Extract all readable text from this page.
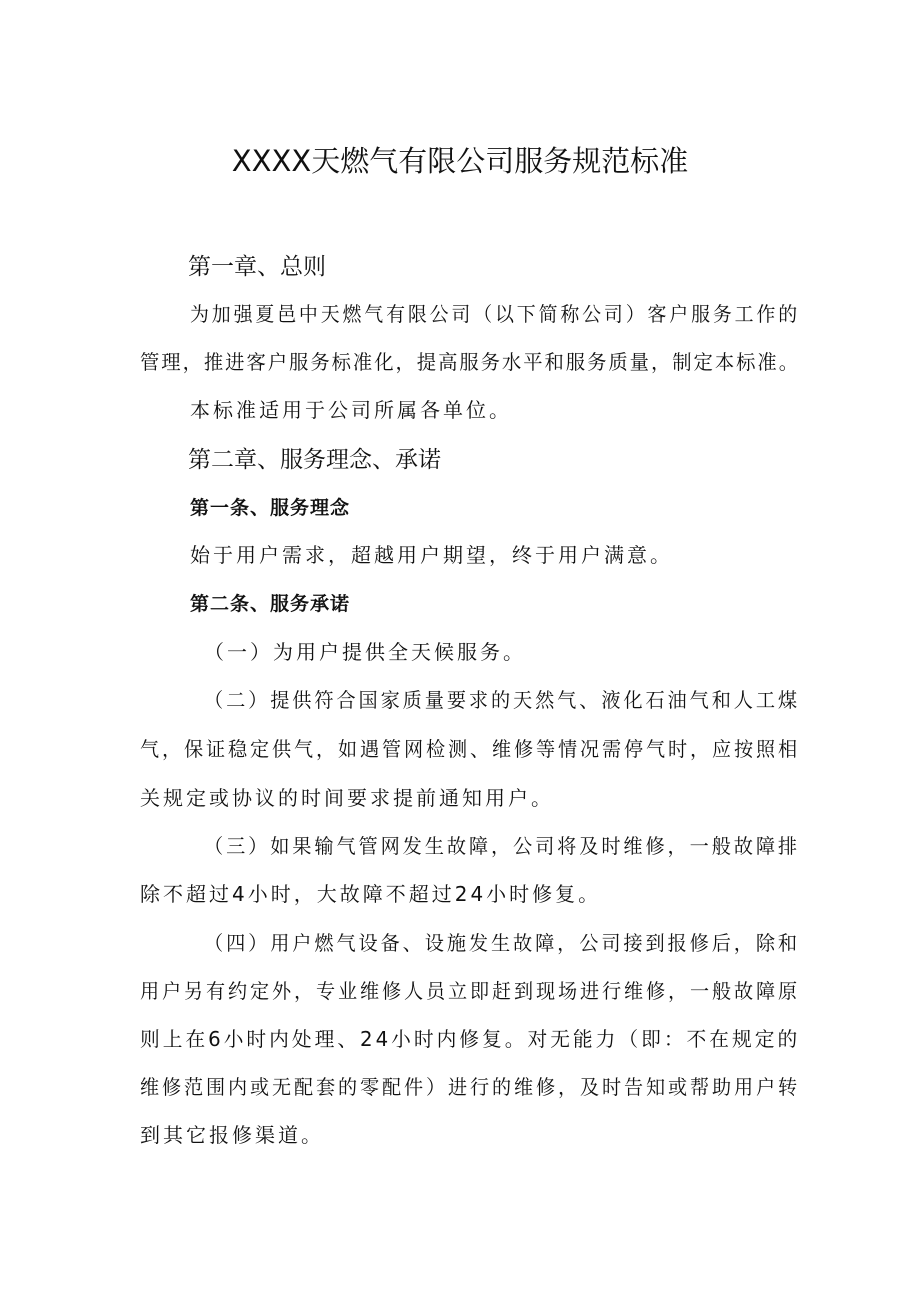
XXXX天燃气有限公司服务规范标准
第一章、总则
为加强夏邑中天燃气有限公司（以下简称公司）客户服务工作的
管理，推进客户服务标准化，提高服务水平和服务质量，制定本标准。
本标准适用于公司所属各单位。
第二章、服务理念、承诺
第一条、服务理念
始于用户需求，超越用户期望，终于用户满意。
第二条、服务承诺
（一）为用户提供全天候服务。
（二）提供符合国家质量要求的天然气、液化石油气和人工煤
气，保证稳定供气，如遇管网检测、维修等情况需停气时，应按照相
关规定或协议的时间要求提前通知用户。
（三）如果输气管网发生故障，公司将及时维修，一般故障排
除不超过4小时，大故障不超过24小时修复。
（四）用户燃气设备、设施发生故障，公司接到报修后，除和
用户另有约定外，专业维修人员立即赶到现场进行维修，一般故障原
则上在6小时内处理、24小时内修复。对无能力（即：不在规定的
维修范围内或无配套的零配件）进行的维修，及时告知或帮助用户转
到其它报修渠道。
